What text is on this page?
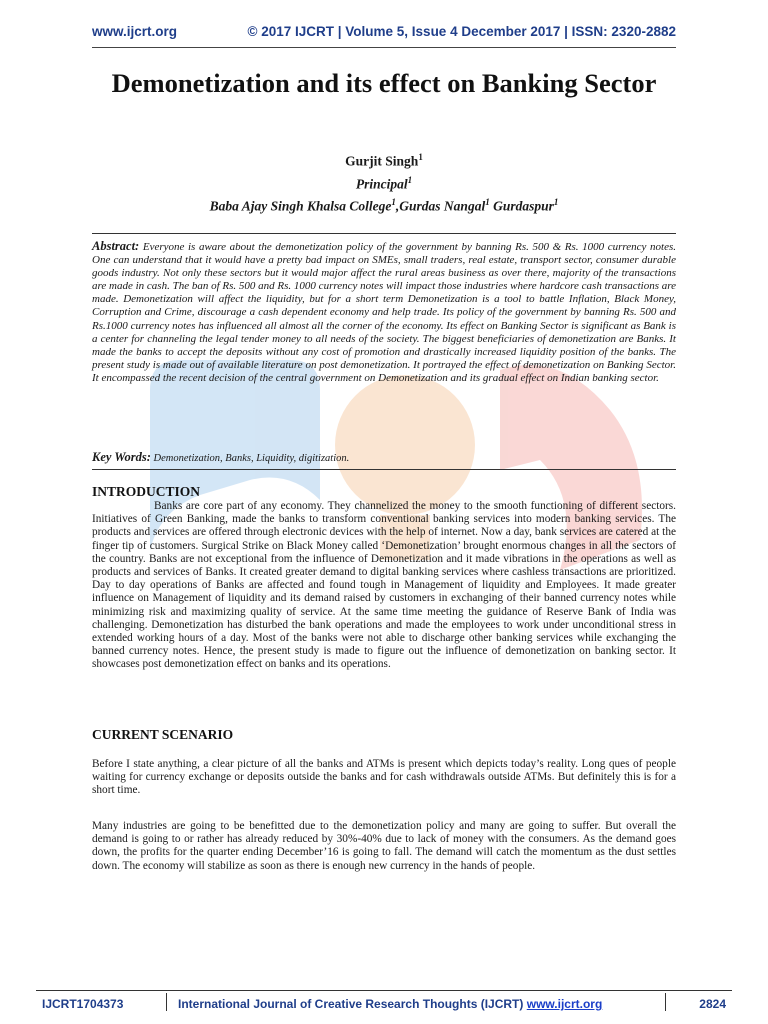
www.ijcrt.org	© 2017 IJCRT | Volume 5, Issue 4 December 2017 | ISSN: 2320-2882
Demonetization and its effect on Banking Sector
Gurjit Singh$^1$
Principal$^1$
Baba Ajay Singh Khalsa College$^1$,Gurdas Nangal$^1$ Gurdaspur$^1$
Abstract: Everyone is aware about the demonetization policy of the government by banning Rs. 500 & Rs. 1000 currency notes. One can understand that it would have a pretty bad impact on SMEs, small traders, real estate, transport sector, consumer durable goods industry. Not only these sectors but it would major affect the rural areas business as over there, majority of the transactions are made in cash. The ban of Rs. 500 and Rs. 1000 currency notes will impact those industries where hardcore cash transactions are made. Demonetization will affect the liquidity, but for a short term Demonetization is a tool to battle Inflation, Black Money, Corruption and Crime, discourage a cash dependent economy and help trade. Its policy of the government by banning Rs. 500 and Rs.1000 currency notes has influenced all almost all the corner of the economy. Its effect on Banking Sector is significant as Bank is a center for channeling the legal tender money to all needs of the society. The biggest beneficiaries of demonetization are Banks. It made the banks to accept the deposits without any cost of promotion and drastically increased liquidity position of the banks. The present study is made out of available literature on post demonetization. It portrayed the effect of demonetization on Banking Sector. It encompassed the recent decision of the central government on Demonetization and its gradual effect on Indian banking sector.
Key Words: Demonetization, Banks, Liquidity, digitization.
INTRODUCTION
Banks are core part of any economy. They channelized the money to the smooth functioning of different sectors. Initiatives of Green Banking, made the banks to transform conventional banking services into modern banking services. The products and services are offered through electronic devices with the help of internet. Now a day, bank services are catered at the finger tip of customers. Surgical Strike on Black Money called ‘Demonetization’ brought enormous changes in all the sectors of the country. Banks are not exceptional from the influence of Demonetization and it made vibrations in the operations as well as products and services of Banks. It created greater demand to digital banking services where cashless transactions are prioritized. Day to day operations of Banks are affected and found tough in Management of liquidity and Employees. It made greater influence on Management of liquidity and its demand raised by customers in exchanging of their banned currency notes while minimizing risk and maximizing quality of service. At the same time meeting the guidance of Reserve Bank of India was challenging. Demonetization has disturbed the bank operations and made the employees to work under unconditional stress in extended working hours of a day. Most of the banks were not able to discharge other banking services while exchanging the banned currency notes. Hence, the present study is made to figure out the influence of demonetization on banking sector. It showcases post demonetization effect on banks and its operations.
CURRENT SCENARIO
Before I state anything, a clear picture of all the banks and ATMs is present which depicts today’s reality. Long ques of people waiting for currency exchange or deposits outside the banks and for cash withdrawals outside ATMs. But definitely this is for a short time.
Many industries are going to be benefitted due to the demonetization policy and many are going to suffer. But overall the demand is going to or rather has already reduced by 30%-40% due to lack of money with the consumers. As the demand goes down, the profits for the quarter ending December’16 is going to fall. The demand will catch the momentum as the dust settles down. The economy will stabilize as soon as there is enough new currency in the hands of people.
IJCRT1704373	International Journal of Creative Research Thoughts (IJCRT) www.ijcrt.org	2824
